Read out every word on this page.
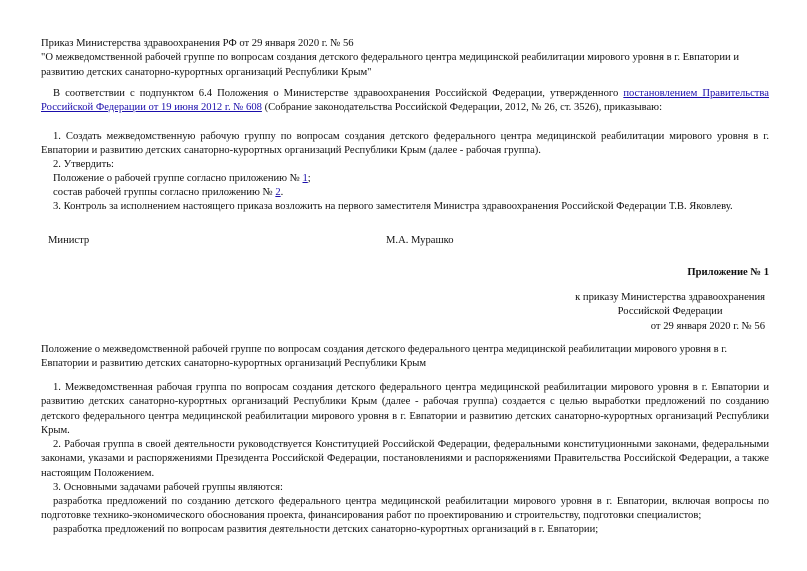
Приказ Министерства здравоохранения РФ от 29 января 2020 г. № 56
"О межведомственной рабочей группе по вопросам создания детского федерального центра медицинской реабилитации мирового уровня в г. Евпатории и развитию детских санаторно-курортных организаций Республики Крым"

В соответствии с подпунктом 6.4 Положения о Министерстве здравоохранения Российской Федерации, утвержденного постановлением Правительства Российской Федерации от 19 июня 2012 г. № 608 (Собрание законодательства Российской Федерации, 2012, № 26, ст. 3526), приказываю:

1. Создать межведомственную рабочую группу по вопросам создания детского федерального центра медицинской реабилитации мирового уровня в г. Евпатории и развитию детских санаторно-курортных организаций Республики Крым (далее - рабочая группа).

2. Утвердить:

Положение о рабочей группе согласно приложению № 1;

состав рабочей группы согласно приложению № 2.

3. Контроль за исполнением настоящего приказа возложить на первого заместителя Министра здравоохранения Российской Федерации Т.В. Яковлеву.

Министр	М.А. Мурашко
Приложение № 1
к приказу Министерства здравоохранения
Российской Федерации
от 29 января 2020 г. № 56

Положение о межведомственной рабочей группе по вопросам создания детского федерального центра медицинской реабилитации мирового уровня в г. Евпатории и развитию детских санаторно-курортных организаций Республики Крым

1. Межведомственная рабочая группа по вопросам создания детского федерального центра медицинской реабилитации мирового уровня в г. Евпатории и развитию детских санаторно-курортных организаций Республики Крым (далее - рабочая группа) создается с целью выработки предложений по созданию детского федерального центра медицинской реабилитации мирового уровня в г. Евпатории и развитию детских санаторно-курортных организаций Республики Крым.

2. Рабочая группа в своей деятельности руководствуется Конституцией Российской Федерации, федеральными конституционными законами, федеральными законами, указами и распоряжениями Президента Российской Федерации, постановлениями и распоряжениями Правительства Российской Федерации, а также настоящим Положением.

3. Основными задачами рабочей группы являются:

разработка предложений по созданию детского федерального центра медицинской реабилитации мирового уровня в г. Евпатории, включая вопросы по подготовке технико-экономического обоснования проекта, финансирования работ по проектированию и строительству, подготовки специалистов;

разработка предложений по вопросам развития деятельности детских санаторно-курортных организаций в г. Евпатории;
